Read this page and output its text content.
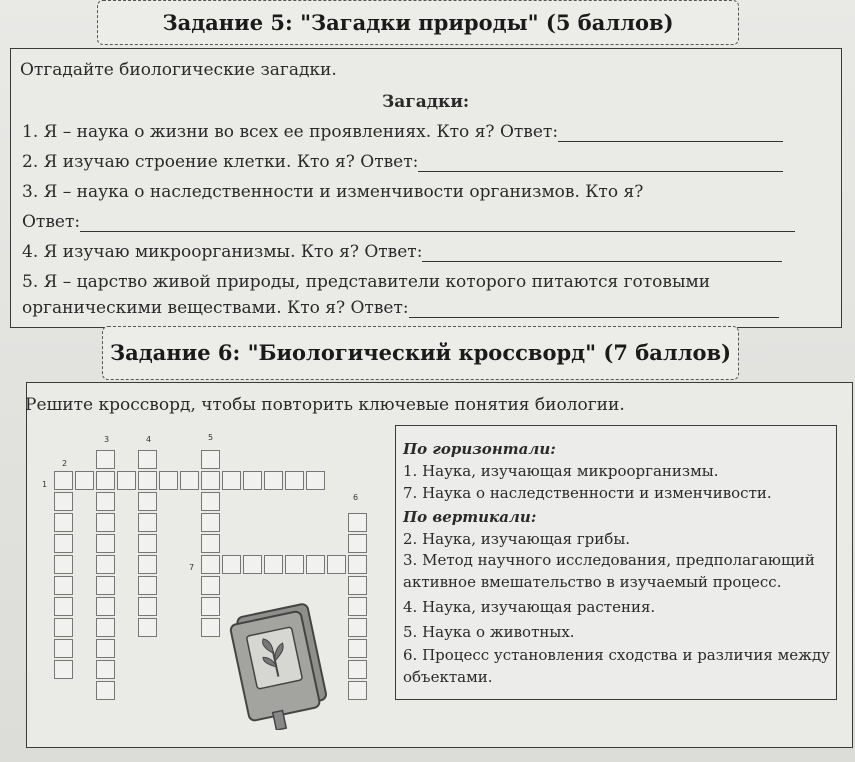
Задание 5: "Загадки природы" (5 баллов)
Отгадайте биологические загадки.
Загадки:
1. Я – наука о жизни во всех ее проявлениях. Кто я? Ответ:
2. Я изучаю строение клетки. Кто я? Ответ:
3. Я – наука о наследственности и изменчивости организмов. Кто я?
Ответ:
4. Я изучаю микроорганизмы. Кто я? Ответ:
5. Я – царство живой природы, представители которого питаются готовыми
органическими веществами. Кто я? Ответ:
Задание 6: "Биологический кроссворд" (7 баллов)
Решите кроссворд, чтобы повторить ключевые понятия биологии.
3	4	5
2
1
6
7
По горизонтали:
1. Наука, изучающая микроорганизмы.
7. Наука о наследственности и изменчивости.
По вертикали:
2. Наука, изучающая грибы.
3. Метод научного исследования, предполагающий
активное вмешательство в изучаемый процесс.
4. Наука, изучающая растения.
5. Наука о животных.
6. Процесс установления сходства и различия между
объектами.
